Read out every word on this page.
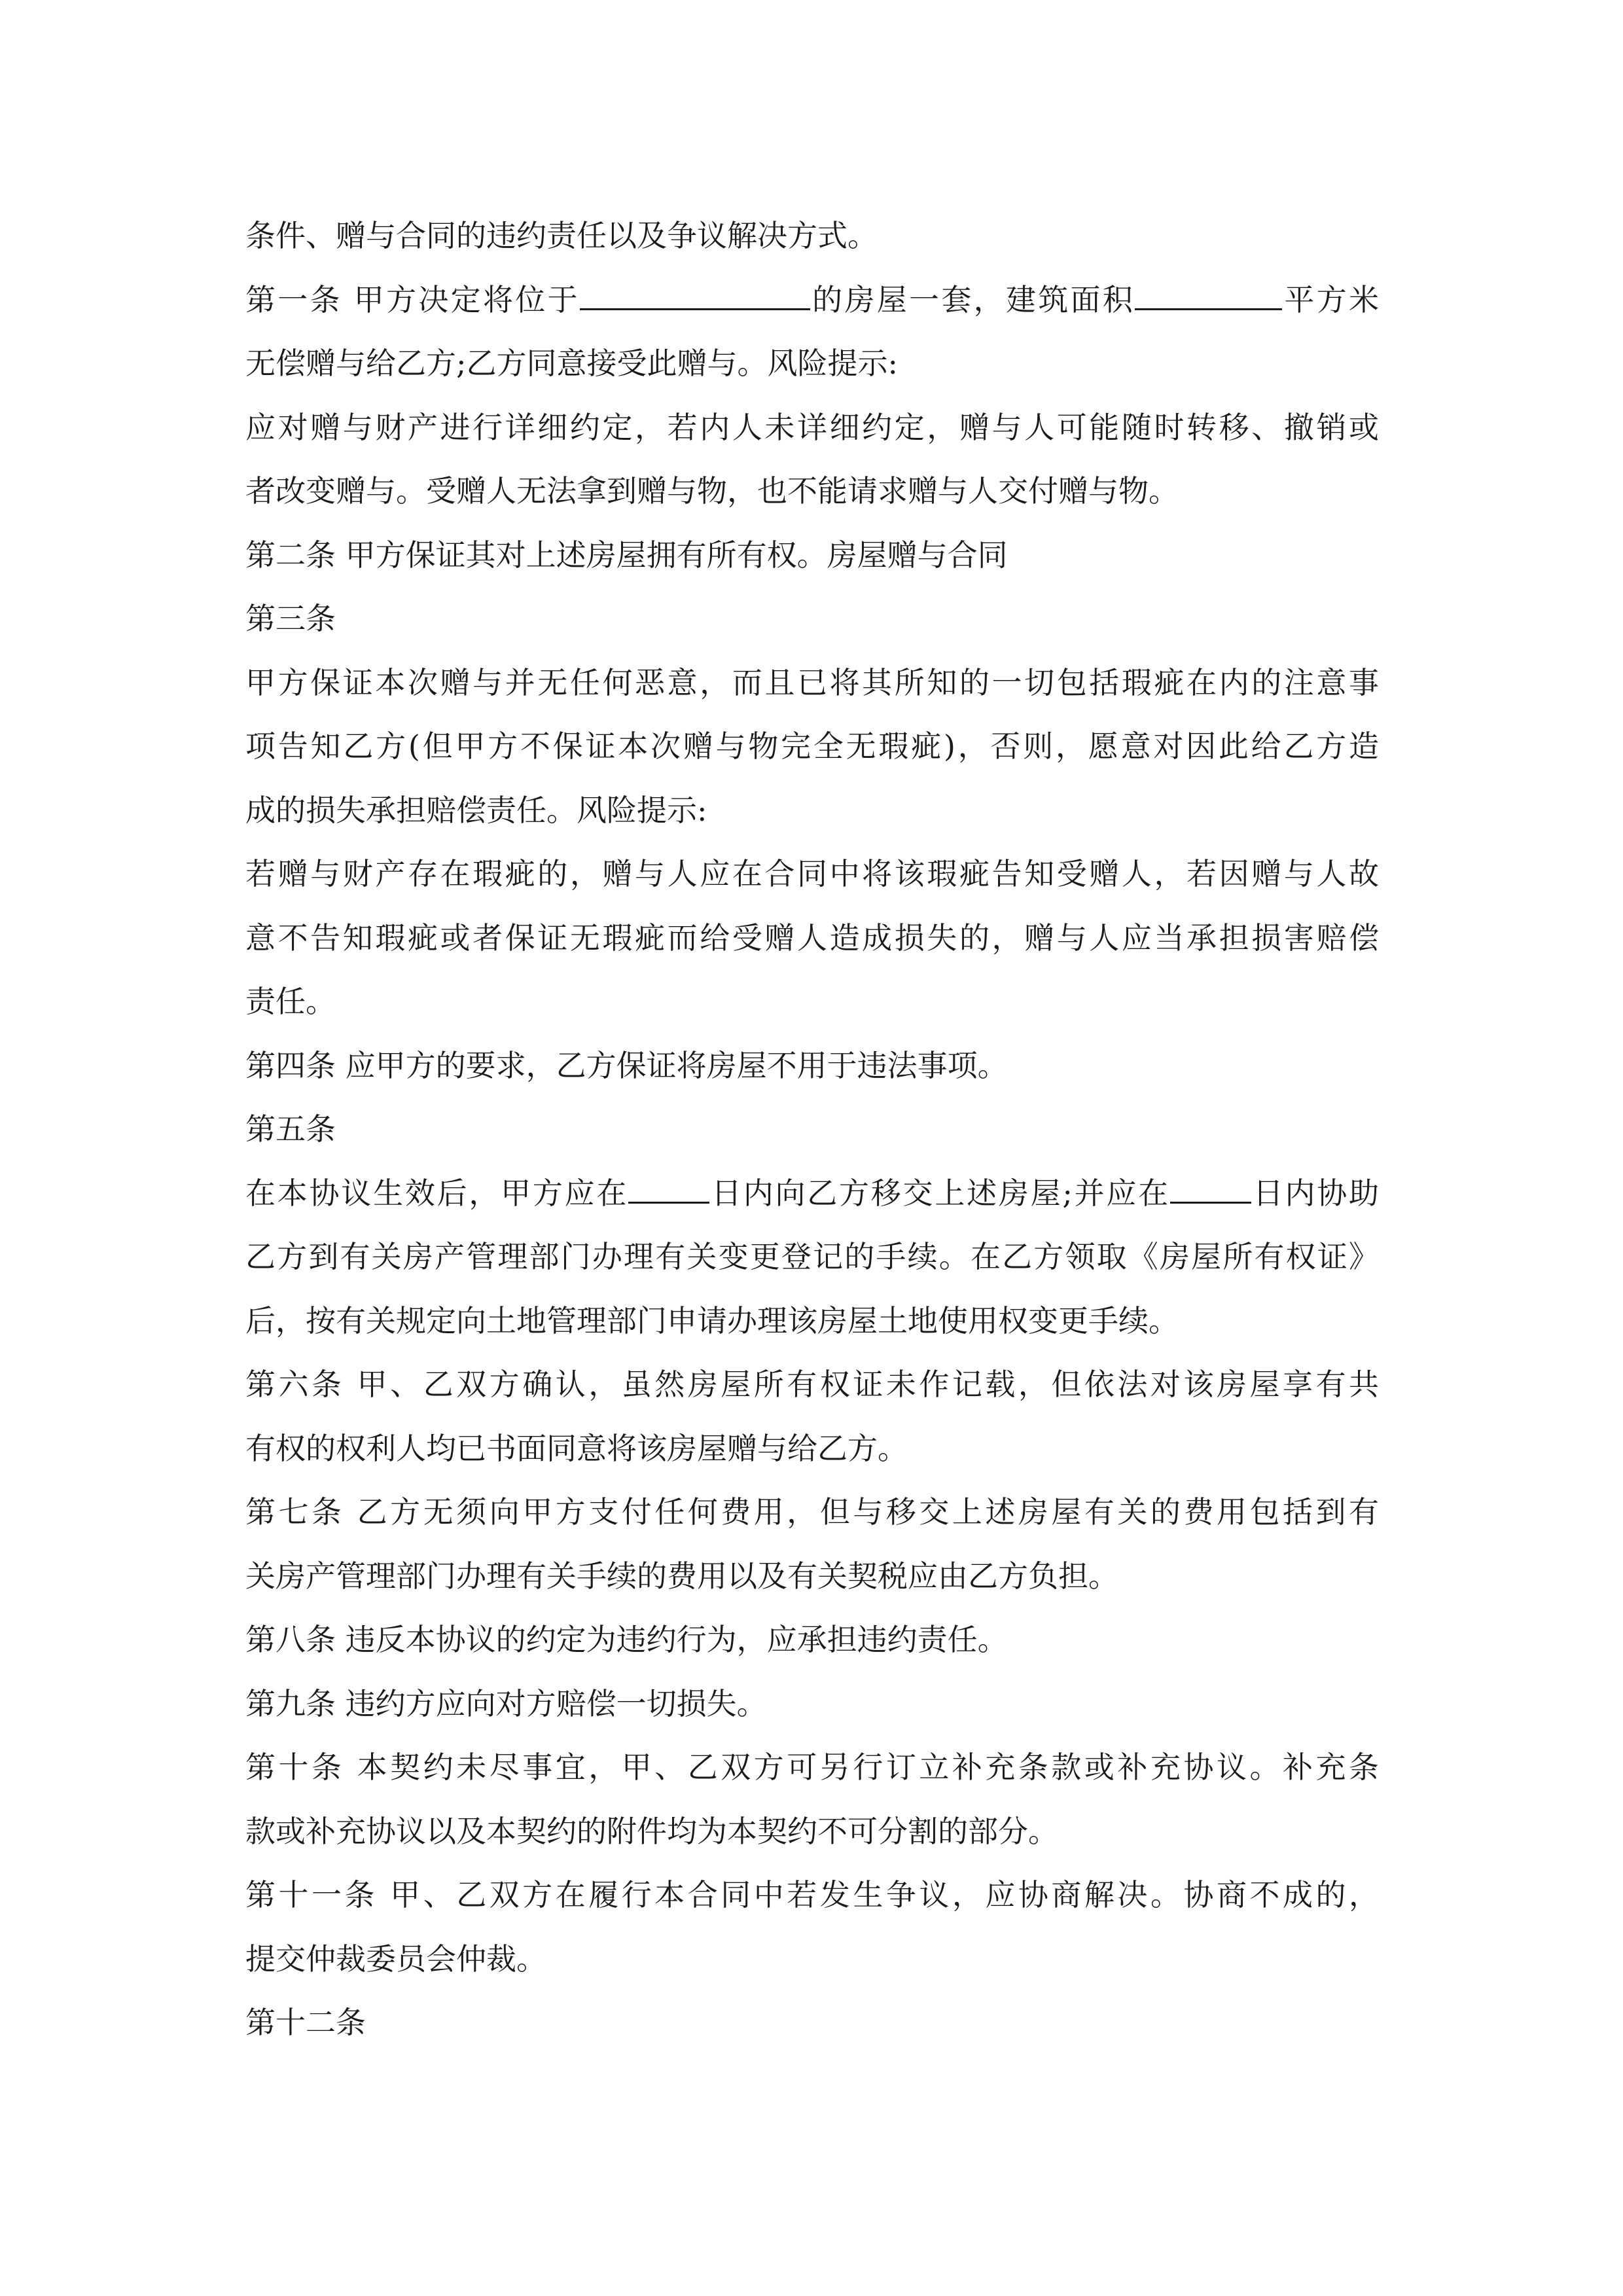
条件、赠与合同的违约责任以及争议解决方式。
第一条 甲方决定将位于	的房屋一套，建筑面积	平方米
无偿赠与给乙方;乙方同意接受此赠与。风险提示:
应对赠与财产进行详细约定，若内人未详细约定，赠与人可能随时转移、撤销或
者改变赠与。受赠人无法拿到赠与物，也不能请求赠与人交付赠与物。
第二条 甲方保证其对上述房屋拥有所有权。房屋赠与合同
第三条
甲方保证本次赠与并无任何恶意，而且已将其所知的一切包括瑕疵在内的注意事
项告知乙方(但甲方不保证本次赠与物完全无瑕疵)，否则，愿意对因此给乙方造
成的损失承担赔偿责任。风险提示:
若赠与财产存在瑕疵的，赠与人应在合同中将该瑕疵告知受赠人，若因赠与人故
意不告知瑕疵或者保证无瑕疵而给受赠人造成损失的，赠与人应当承担损害赔偿
责任。
第四条 应甲方的要求，乙方保证将房屋不用于违法事项。
第五条
在本协议生效后，甲方应在	日内向乙方移交上述房屋;并应在	日内协助
乙方到有关房产管理部门办理有关变更登记的手续。在乙方领取《房屋所有权证》
后，按有关规定向土地管理部门申请办理该房屋土地使用权变更手续。
第六条 甲、乙双方确认，虽然房屋所有权证未作记载，但依法对该房屋享有共
有权的权利人均已书面同意将该房屋赠与给乙方。
第七条 乙方无须向甲方支付任何费用，但与移交上述房屋有关的费用包括到有
关房产管理部门办理有关手续的费用以及有关契税应由乙方负担。
第八条 违反本协议的约定为违约行为，应承担违约责任。
第九条 违约方应向对方赔偿一切损失。
第十条 本契约未尽事宜，甲、乙双方可另行订立补充条款或补充协议。补充条
款或补充协议以及本契约的附件均为本契约不可分割的部分。
第十一条 甲、乙双方在履行本合同中若发生争议，应协商解决。协商不成的，
提交仲裁委员会仲裁。
第十二条
